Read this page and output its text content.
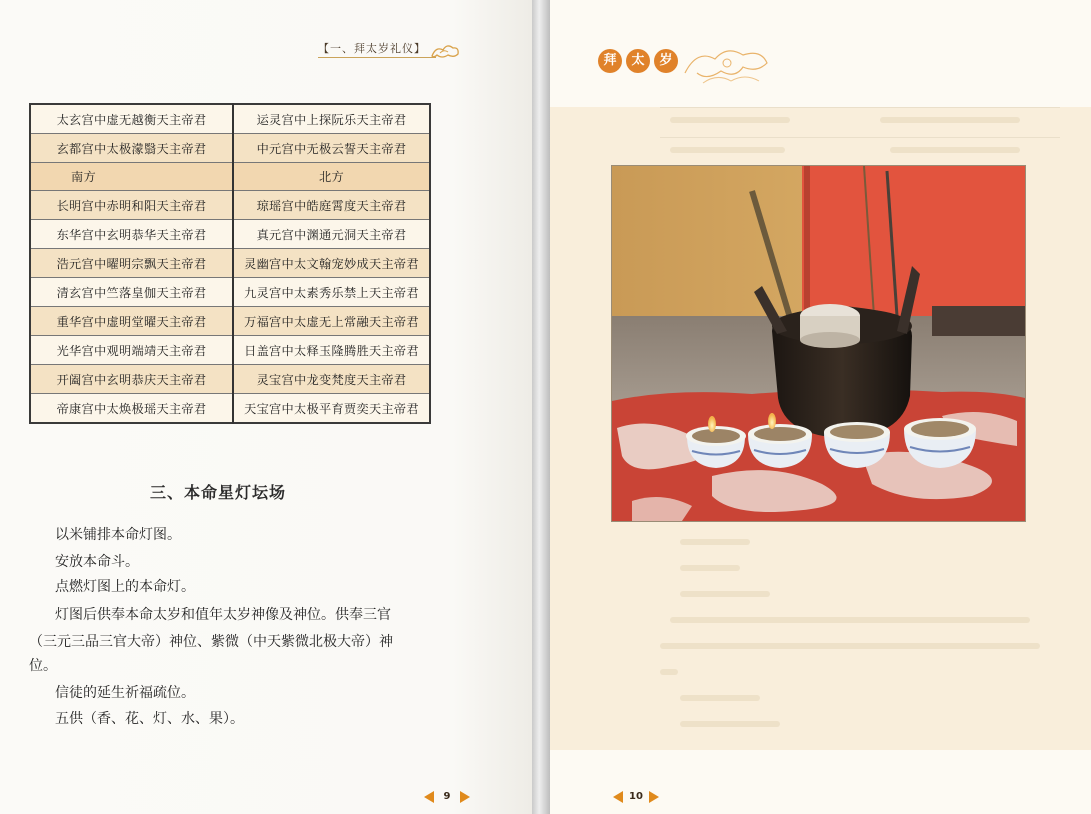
【一、拜太岁礼仪】
太玄宫中虚无越衡天主帝君	运灵宫中上探阮乐天主帝君
玄都宫中太极濛翳天主帝君	中元宫中无极云誓天主帝君
南方	北方
长明宫中赤明和阳天主帝君	琼瑶宫中皓庭霄度天主帝君
东华宫中玄明恭华天主帝君	真元宫中渊通元洞天主帝君
浩元宫中曜明宗飘天主帝君	灵幽宫中太文翰宠妙成天主帝君
清玄宫中竺落皇伽天主帝君	九灵宫中太素秀乐禁上天主帝君
重华宫中虚明堂曜天主帝君	万福宫中太虚无上常融天主帝君
光华宫中观明端靖天主帝君	日盖宫中太释玉隆腾胜天主帝君
开阖宫中玄明恭庆天主帝君	灵宝宫中龙变梵度天主帝君
帝康宫中太焕极瑶天主帝君	天宝宫中太极平育贾奕天主帝君
三、本命星灯坛场
以米铺排本命灯图。
安放本命斗。
点燃灯图上的本命灯。
灯图后供奉本命太岁和值年太岁神像及神位。供奉三官
（三元三品三官大帝）神位、紫微（中天紫微北极大帝）神
位。
信徒的延生祈福疏位。
五供（香、花、灯、水、果）。
9
拜	太	岁
10
